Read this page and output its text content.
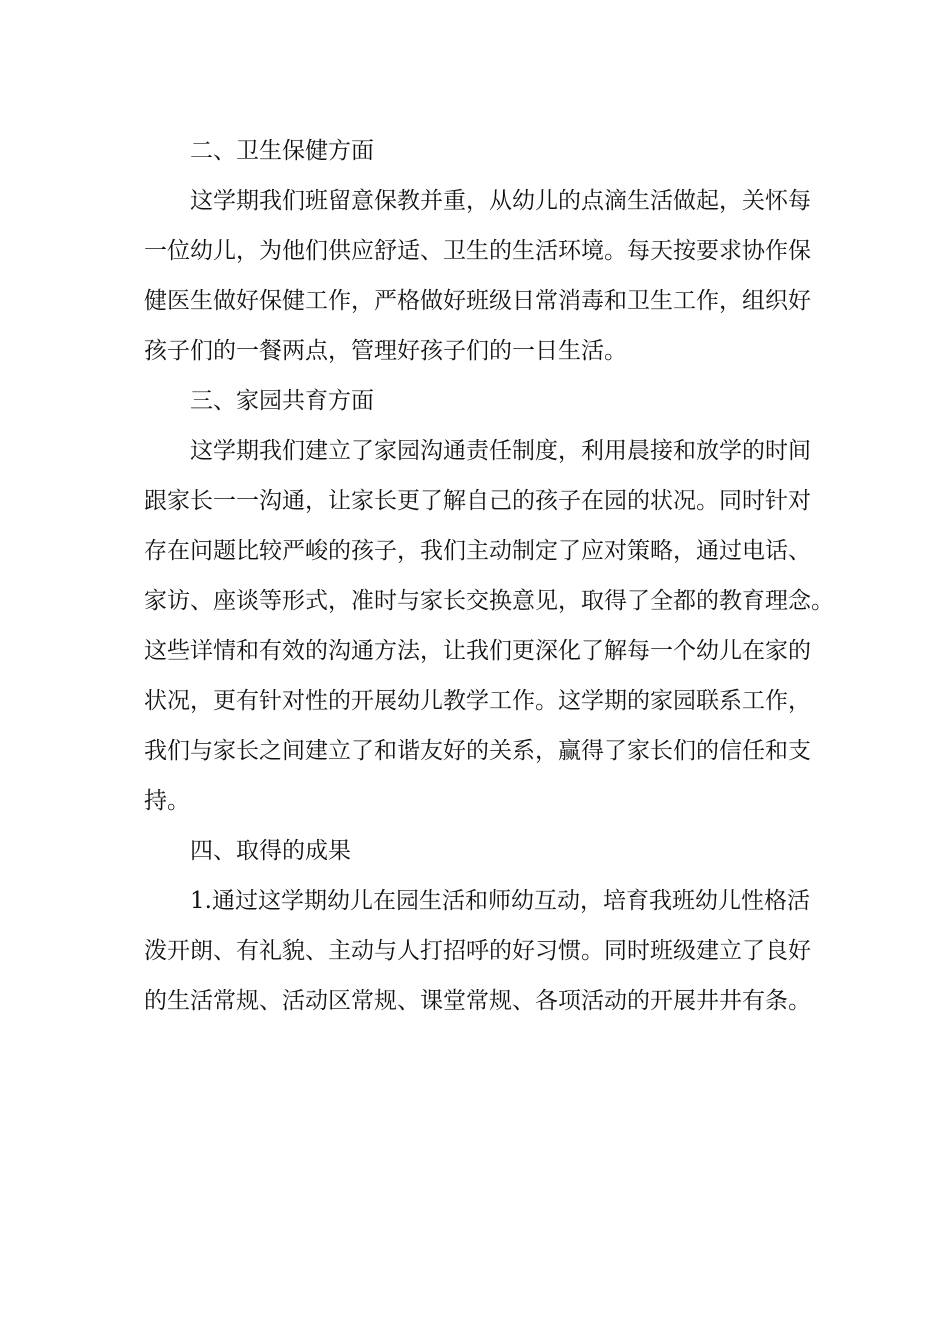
二、卫生保健方面
这学期我们班留意保教并重，从幼儿的点滴生活做起，关怀每
一位幼儿，为他们供应舒适、卫生的生活环境。每天按要求协作保
健医生做好保健工作，严格做好班级日常消毒和卫生工作，组织好
孩子们的一餐两点，管理好孩子们的一日生活。
三、家园共育方面
这学期我们建立了家园沟通责任制度，利用晨接和放学的时间
跟家长一一沟通，让家长更了解自己的孩子在园的状况。同时针对
存在问题比较严峻的孩子，我们主动制定了应对策略，通过电话、
家访、座谈等形式，准时与家长交换意见，取得了全都的教育理念。
这些详情和有效的沟通方法，让我们更深化了解每一个幼儿在家的
状况，更有针对性的开展幼儿教学工作。这学期的家园联系工作，
我们与家长之间建立了和谐友好的关系，赢得了家长们的信任和支
持。
四、取得的成果
1.通过这学期幼儿在园生活和师幼互动，培育我班幼儿性格活
泼开朗、有礼貌、主动与人打招呼的好习惯。同时班级建立了良好
的生活常规、活动区常规、课堂常规、各项活动的开展井井有条。
